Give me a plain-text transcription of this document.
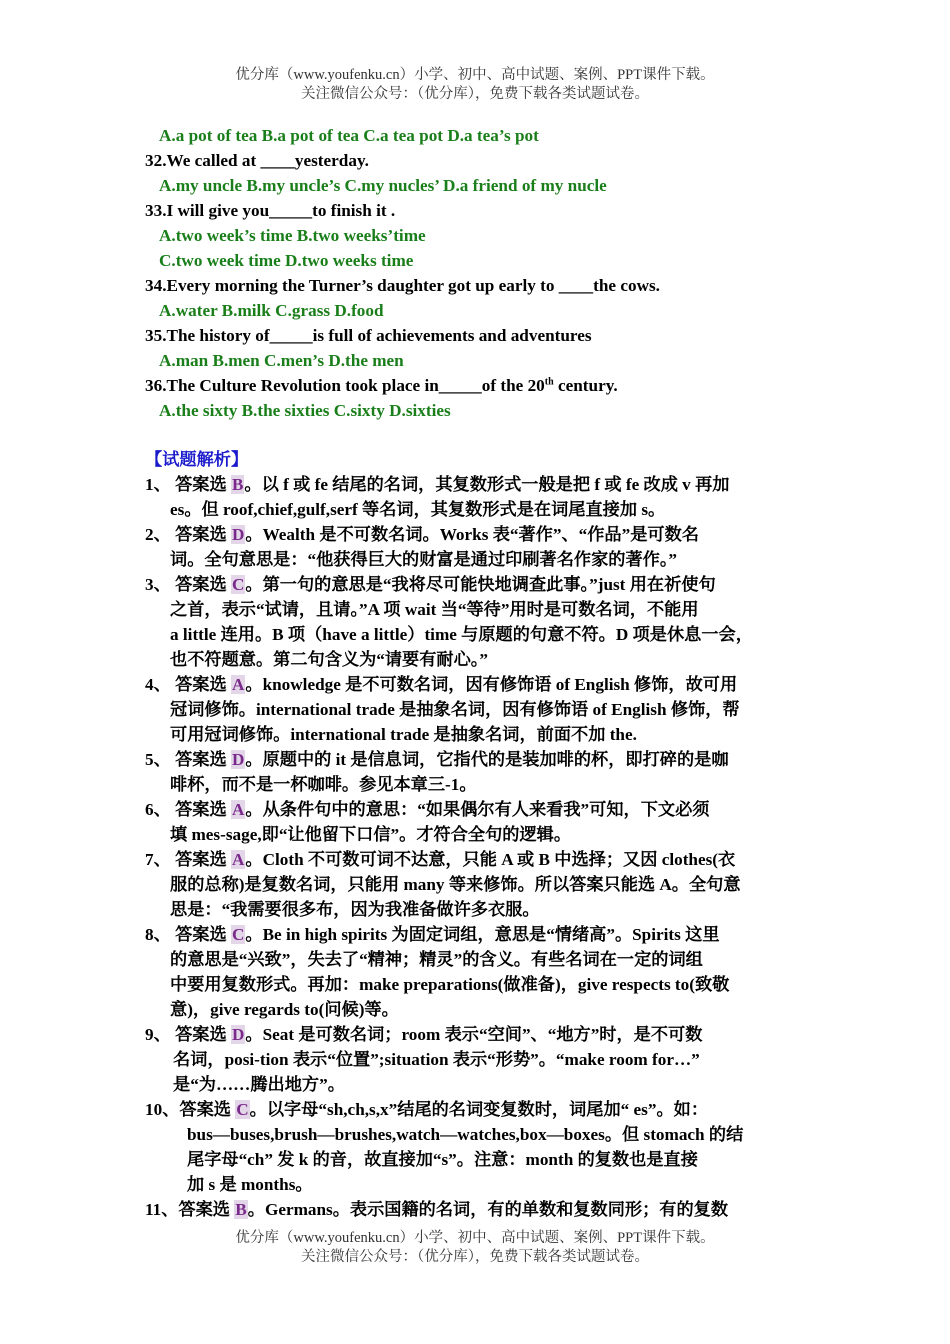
优分库（www.youfenku.cn）小学、初中、高中试题、案例、PPT课件下载。
关注微信公众号：（优分库），免费下载各类试题试卷。
A.a pot of tea B.a pot of tea C.a tea pot D.a tea’s pot
32.We called at ____yesterday.
A.my uncle B.my uncle’s C.my nucles’ D.a friend of my nucle
33.I will give you_____to finish it .
A.two week’s time B.two weeks’time
C.two week time D.two weeks time
34.Every morning the Turner’s daughter got up early to ____the cows.
A.water B.milk C.grass D.food
35.The history of_____is full of achievements and adventures
A.man B.men C.men’s D.the men
36.The Culture Revolution took place in_____of the 20th century.
A.the sixty B.the sixties C.sixty D.sixties
【试题解析】
1、 答案选 B。以 f 或 fe 结尾的名词，其复数形式一般是把 f 或 fe 改成 v 再加
es。但 roof,chief,gulf,serf 等名词，其复数形式是在词尾直接加 s。
2、 答案选 D。Wealth 是不可数名词。Works 表“著作”、“作品”是可数名
词。全句意思是：“他获得巨大的财富是通过印刷著名作家的著作。”
3、 答案选 C。第一句的意思是“我将尽可能快地调查此事。”just 用在祈使句
之首，表示“试请，且请。”A 项 wait 当“等待”用时是可数名词，不能用
a little 连用。B 项（have a little）time 与原题的句意不符。D 项是休息一会，
也不符题意。第二句含义为“请要有耐心。”
4、 答案选 A。knowledge 是不可数名词，因有修饰语 of English 修饰，故可用
冠词修饰。international trade 是抽象名词，因有修饰语 of English 修饰，帮
可用冠词修饰。international trade 是抽象名词，前面不加 the.
5、 答案选 D。原题中的 it 是信息词，它指代的是装加啡的杯，即打碎的是咖
啡杯，而不是一杯咖啡。参见本章三-1。
6、 答案选 A。从条件句中的意思：“如果偶尔有人来看我”可知，下文必须
填 mes-sage,即“让他留下口信”。才符合全句的逻辑。
7、 答案选 A。Cloth 不可数可词不达意，只能 A 或 B 中选择；又因 clothes(衣
服的总称)是复数名词，只能用 many 等来修饰。所以答案只能选 A。全句意
思是：“我需要很多布，因为我准备做许多衣服。
8、 答案选 C。Be in high spirits 为固定词组，意思是“情绪高”。Spirits 这里
的意思是“兴致”，失去了“精神；精灵”的含义。有些名词在一定的词组
中要用复数形式。再加：make preparations(做准备)，give respects to(致敬
意)，give regards to(问候)等。
9、 答案选 D。Seat 是可数名词；room 表示“空间”、“地方”时，是不可数
名词，posi-tion 表示“位置”;situation 表示“形势”。“make room for…”
是“为……腾出地方”。
10、答案选 C。以字母“sh,ch,s,x”结尾的名词变复数时，词尾加“ es”。如：
bus—buses,brush—brushes,watch—watches,box—boxes。但 stomach 的结
尾字母“ch” 发 k 的音，故直接加“s”。注意：month 的复数也是直接
加 s 是 months。
11、答案选 B。Germans。表示国籍的名词，有的单数和复数同形；有的复数
优分库（www.youfenku.cn）小学、初中、高中试题、案例、PPT课件下载。
关注微信公众号：（优分库），免费下载各类试题试卷。
